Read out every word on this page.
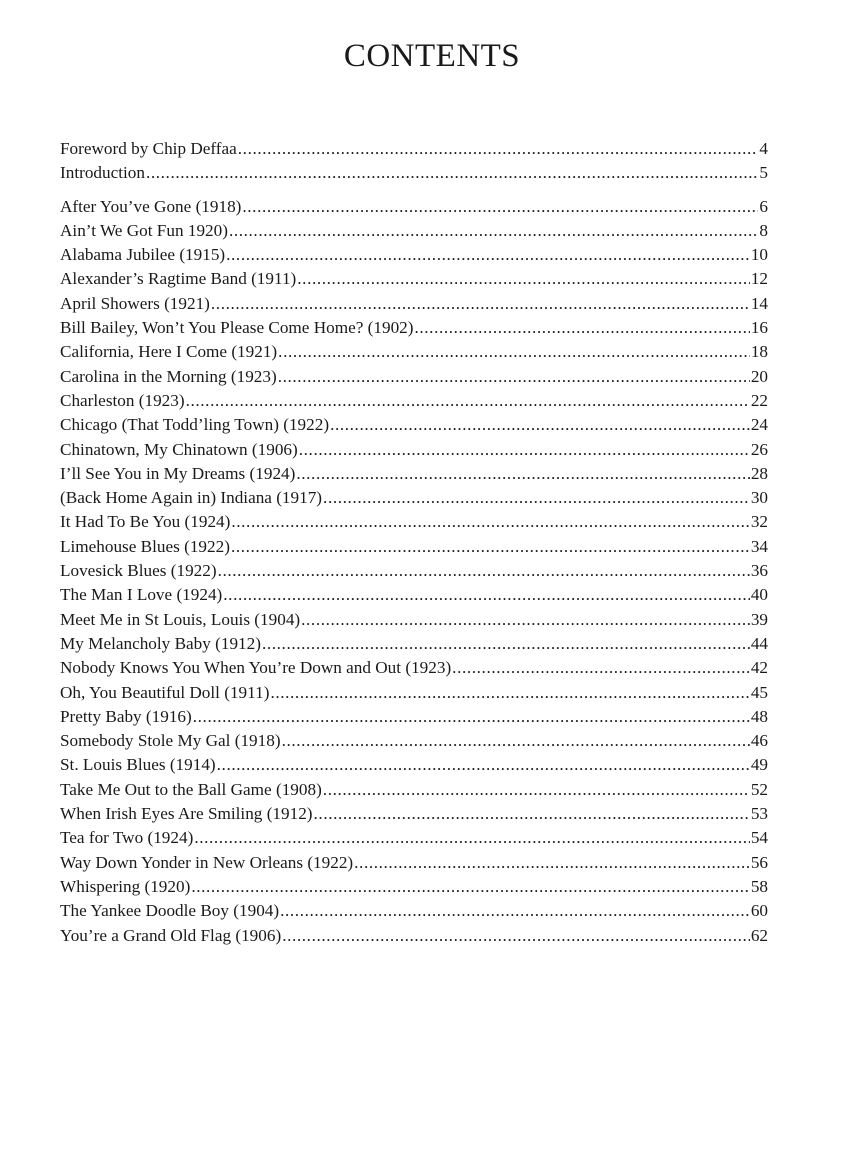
CONTENTS
Foreword by Chip Deffaa .....	4
Introduction .....	5
After You’ve Gone (1918) .....	6
Ain’t We Got Fun 1920) .....	8
Alabama Jubilee (1915) .....	10
Alexander’s Ragtime Band (1911) .....	12
April Showers (1921) .....	14
Bill Bailey, Won’t You Please Come Home? (1902) .....	16
California, Here I Come (1921) .....	18
Carolina in the Morning (1923) .....	20
Charleston (1923) .....	22
Chicago (That Todd’ling Town) (1922) .....	24
Chinatown, My Chinatown (1906) .....	26
I’ll See You in My Dreams (1924) .....	28
(Back Home Again in) Indiana (1917) .....	30
It Had To Be You (1924) .....	32
Limehouse Blues (1922) .....	34
Lovesick Blues (1922) .....	36
The Man I Love (1924) .....	40
Meet Me in St Louis, Louis (1904) .....	39
My Melancholy Baby (1912) .....	44
Nobody Knows You When You’re Down and Out (1923) .....	42
Oh, You Beautiful Doll (1911) .....	45
Pretty Baby (1916) .....	48
Somebody Stole My Gal (1918) .....	46
St. Louis Blues (1914) .....	49
Take Me Out to the Ball Game (1908) .....	52
When Irish Eyes Are Smiling (1912) .....	53
Tea for Two (1924) .....	54
Way Down Yonder in New Orleans (1922) .....	56
Whispering (1920) .....	58
The Yankee Doodle Boy (1904) .....	60
You’re a Grand Old Flag (1906) .....	62
